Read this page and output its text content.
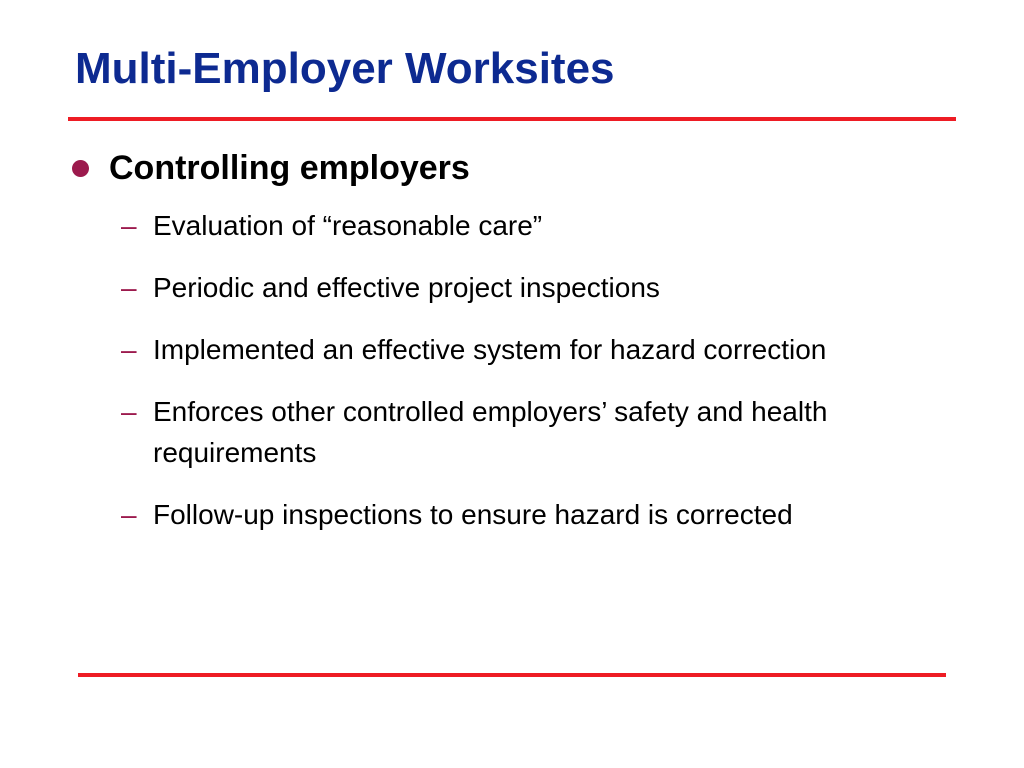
Multi-Employer Worksites
Controlling employers
– Evaluation of “reasonable care”
– Periodic and effective project inspections
– Implemented an effective system for hazard correction
– Enforces other controlled employers’ safety and health requirements
– Follow-up inspections to ensure hazard is corrected
